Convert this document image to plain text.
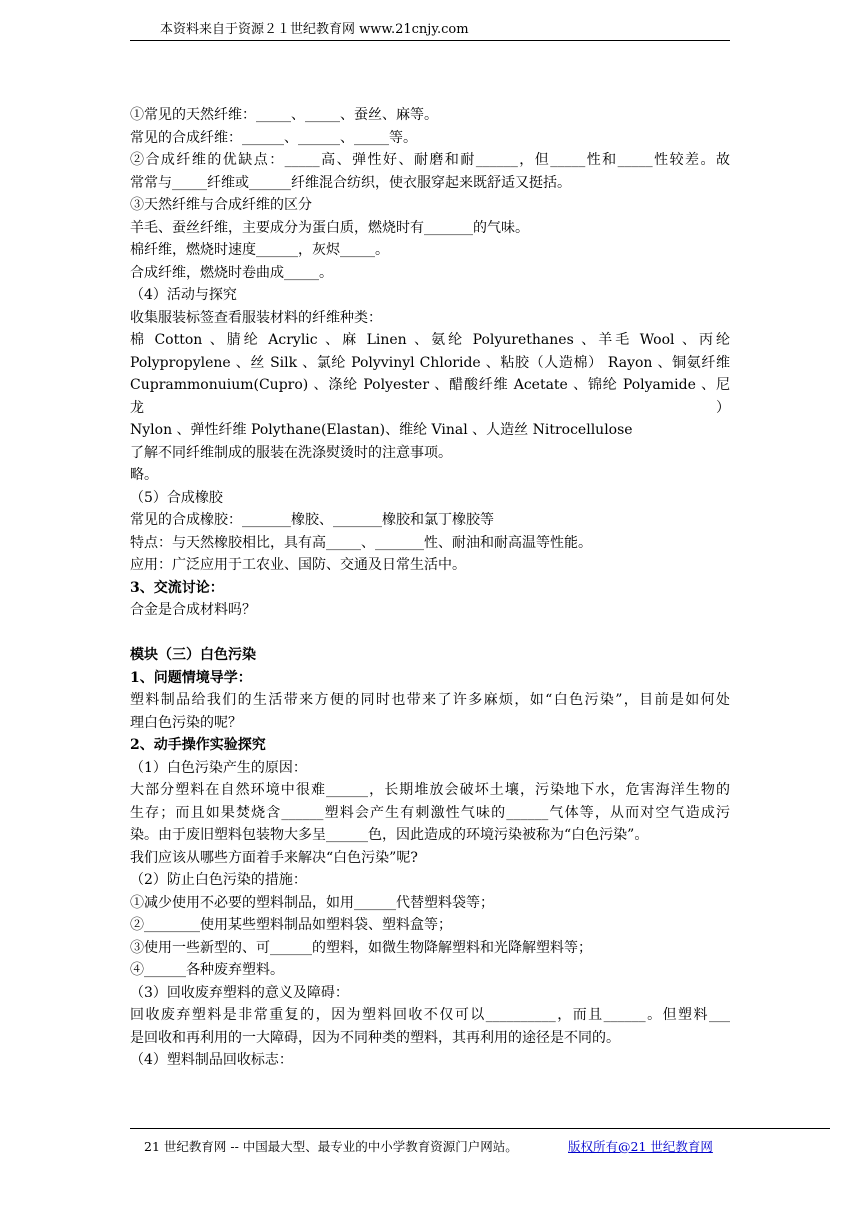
本资料来自于资源２１世纪教育网 www.21cnjy.com
①常见的天然纤维：_____、_____、蚕丝、麻等。
常见的合成纤维：______、______、_____等。
②合成纤维的优缺点：_____高、弹性好、耐磨和耐______，但_____性和_____性较差。故
常常与_____纤维或______纤维混合纺织，使衣服穿起来既舒适又挺括。
③天然纤维与合成纤维的区分
羊毛、蚕丝纤维，主要成分为蛋白质，燃烧时有_______的气味。
棉纤维，燃烧时速度______，灰烬_____。
合成纤维，燃烧时卷曲成_____。
（4）活动与探究
收集服装标签查看服装材料的纤维种类：
棉 Cotton 、腈纶 Acrylic 、麻 Linen 、氨纶 Polyurethanes 、羊毛 Wool 、丙纶
Polypropylene 、丝 Silk 、氯纶 Polyvinyl Chloride 、粘胶（人造棉） Rayon 、铜氨纤维
Cuprammonuium(Cupro) 、涤纶 Polyester 、醋酸纤维 Acetate 、锦纶 Polyamide 、尼龙）
Nylon 、弹性纤维 Polythane(Elastan)、维纶 Vinal 、人造丝 Nitrocellulose
了解不同纤维制成的服装在洗涤熨烫时的注意事项。
略。
（5）合成橡胶
常见的合成橡胶：_______橡胶、_______橡胶和氯丁橡胶等
特点：与天然橡胶相比，具有高_____、_______性、耐油和耐高温等性能。
应用：广泛应用于工农业、国防、交通及日常生活中。
3、交流讨论：
合金是合成材料吗？
模块（三）白色污染
1、问题情境导学：
塑料制品给我们的生活带来方便的同时也带来了许多麻烦，如“白色污染”，目前是如何处
理白色污染的呢？
2、动手操作实验探究
（1）白色污染产生的原因：
大部分塑料在自然环境中很难______，长期堆放会破坏土壤，污染地下水，危害海洋生物的
生存；而且如果焚烧含______塑料会产生有刺激性气味的______气体等，从而对空气造成污
染。由于废旧塑料包装物大多呈______色，因此造成的环境污染被称为“白色污染”。
我们应该从哪些方面着手来解决“白色污染”呢?
（2）防止白色污染的措施：
①减少使用不必要的塑料制品，如用______代替塑料袋等；
②________使用某些塑料制品如塑料袋、塑料盒等；
③使用一些新型的、可______的塑料，如微生物降解塑料和光降解塑料等；
④______各种废弃塑料。
（3）回收废弃塑料的意义及障碍：
回收废弃塑料是非常重复的，因为塑料回收不仅可以__________，而且______。但塑料___
是回收和再利用的一大障碍，因为不同种类的塑料，其再利用的途径是不同的。
（4）塑料制品回收标志：
21 世纪教育网 -- 中国最大型、最专业的中小学教育资源门户网站。	版权所有@21 世纪教育网
